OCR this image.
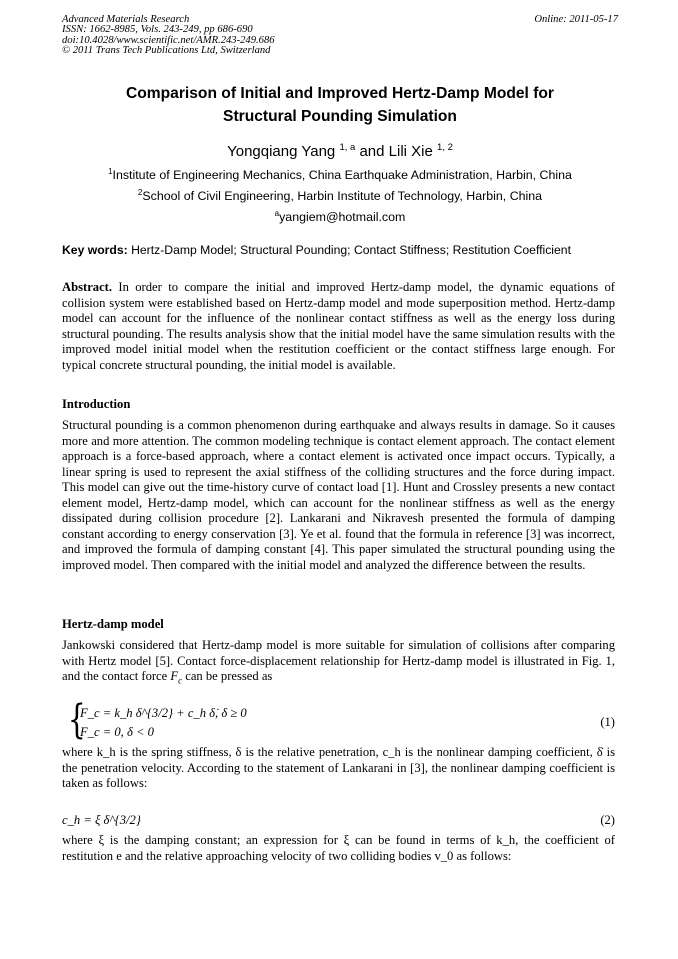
Advanced Materials Research
ISSN: 1662-8985, Vols. 243-249, pp 686-690
doi:10.4028/www.scientific.net/AMR.243-249.686
© 2011 Trans Tech Publications Ltd, Switzerland
Online: 2011-05-17
Comparison of Initial and Improved Hertz-Damp Model for
Structural Pounding Simulation
Yongqiang Yang $^{1, a}$ and Lili Xie $^{1, 2}$
$^1$Institute of Engineering Mechanics, China Earthquake Administration, Harbin, China
$^2$School of Civil Engineering, Harbin Institute of Technology, Harbin, China
$^a$yangiem@hotmail.com
Key words: Hertz-Damp Model; Structural Pounding; Contact Stiffness; Restitution Coefficient
Abstract. In order to compare the initial and improved Hertz-damp model, the dynamic equations of collision system were established based on Hertz-damp model and mode superposition method. Hertz-damp model can account for the influence of the nonlinear contact stiffness as well as the energy loss during structural pounding. The results analysis show that the initial model have the same simulation results with the improved model initial model when the restitution coefficient or the contact stiffness large enough. For typical concrete structural pounding, the initial model is available.
Introduction
Structural pounding is a common phenomenon during earthquake and always results in damage. So it causes more and more attention. The common modeling technique is contact element approach. The contact element approach is a force-based approach, where a contact element is activated once impact occurs. Typically, a linear spring is used to represent the axial stiffness of the colliding structures and the force during impact. This model can give out the time-history curve of contact load [1]. Hunt and Crossley presents a new contact element model, Hertz-damp model, which can account for the nonlinear stiffness as well as the energy dissipated during collision procedure [2]. Lankarani and Nikravesh presented the formula of damping constant according to energy conservation [3]. Ye et al. found that the formula in reference [3] was incorrect, and improved the formula of damping constant [4]. This paper simulated the structural pounding using the improved model. Then compared with the initial model and analyzed the difference between the results.
Hertz-damp model
Jankowski considered that Hertz-damp model is more suitable for simulation of collisions after comparing with Hertz model [5]. Contact force-displacement relationship for Hertz-damp model is illustrated in Fig. 1, and the contact force $F_c$ can be pressed as
{
F_c = k_h δ^{3/2} + c_h δ̇, δ ≥ 0
F_c = 0, δ < 0
(1)
where k_h is the spring stiffness, δ is the relative penetration, c_h is the nonlinear damping coefficient, δ̇ is the penetration velocity. According to the statement of Lankarani in [3], the nonlinear damping coefficient is taken as follows:
c_h = ξ δ^{3/2}	(2)
where ξ is the damping constant; an expression for ξ can be found in terms of k_h, the coefficient of restitution e and the relative approaching velocity of two colliding bodies v_0 as follows:
